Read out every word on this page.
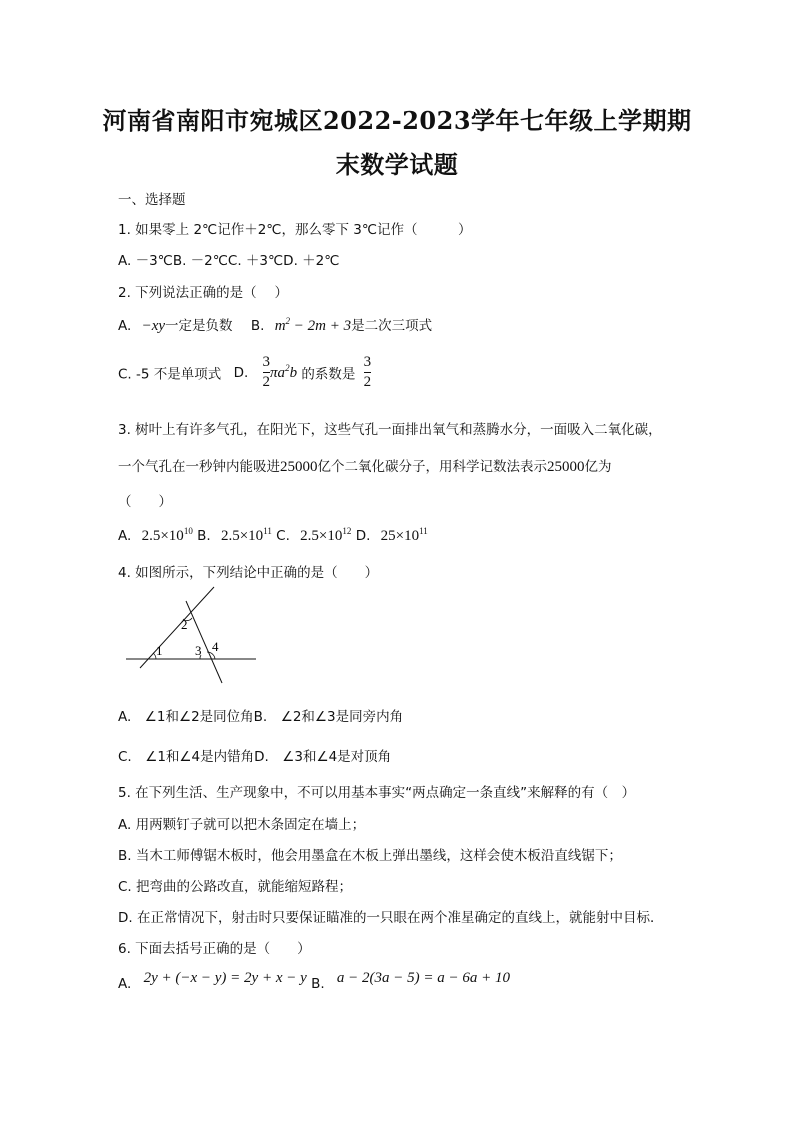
河南省南阳市宛城区2022-2023学年七年级上学期期
末数学试题
一、选择题
1. 如果零上 2℃记作＋2℃，那么零下 3℃记作（　　　）
A. －3℃B. －2℃C. ＋3℃D. ＋2℃
2. 下列说法正确的是（　 ）
A. −xy一定是负数 B. $m^2 - 2m + 3$是二次三项式
C. -5 不是单项式 D. $\frac{3}{2} \pi a^2b$ 的系数是 $\frac{3}{2}$
3. 树叶上有许多气孔，在阳光下，这些气孔一面排出氧气和蒸腾水分，一面吸入二氧化碳，
一个气孔在一秒钟内能吸进25000亿个二氧化碳分子，用科学记数法表示25000亿为
（　　）
A. $2.5\times 10^{10}$ B. $2.5\times 10^{11}$ C. $2.5\times 10^{12}$ D. $25\times 10^{11}$
4. 如图所示，下列结论中正确的是（　　）
1
2
3 4
A.　∠1和∠2是同位角B.　∠2和∠3是同旁内角
C.　∠1和∠4是内错角D.　∠3和∠4是对顶角
5. 在下列生活、生产现象中，不可以用基本事实“两点确定一条直线”来解释的有（　）
A. 用两颗钉子就可以把木条固定在墙上；
B. 当木工师傅锯木板时，他会用墨盒在木板上弹出墨线，这样会使木板沿直线锯下；
C. 把弯曲的公路改直，就能缩短路程；
D. 在正常情况下，射击时只要保证瞄准的一只眼在两个准星确定的直线上，就能射中目标．
6. 下面去括号正确的是（　　）
A. 2y + (−x − y) = 2y + x − y B. a − 2(3a − 5) = a − 6a + 10
